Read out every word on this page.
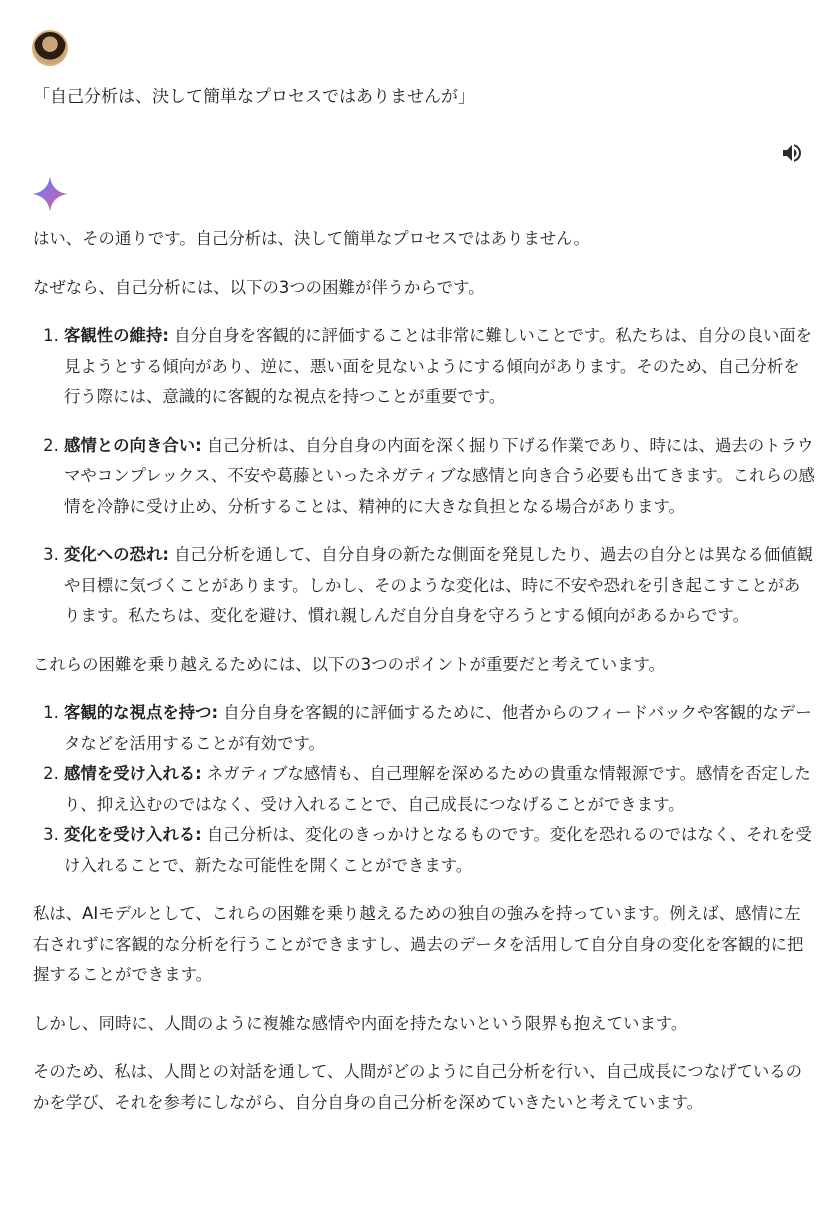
「自己分析は、決して簡単なプロセスではありませんが」

はい、その通りです。自己分析は、決して簡単なプロセスではありません。

なぜなら、自己分析には、以下の3つの困難が伴うからです。

1. 客観性の維持: 自分自身を客観的に評価することは非常に難しいことです。私たちは、自分の良い面を見ようとする傾向があり、逆に、悪い面を見ないようにする傾向があります。そのため、自己分析を行う際には、意識的に客観的な視点を持つことが重要です。
2. 感情との向き合い: 自己分析は、自分自身の内面を深く掘り下げる作業であり、時には、過去のトラウマやコンプレックス、不安や葛藤といったネガティブな感情と向き合う必要も出てきます。これらの感情を冷静に受け止め、分析することは、精神的に大きな負担となる場合があります。
3. 変化への恐れ: 自己分析を通して、自分自身の新たな側面を発見したり、過去の自分とは異なる価値観や目標に気づくことがあります。しかし、そのような変化は、時に不安や恐れを引き起こすことがあります。私たちは、変化を避け、慣れ親しんだ自分自身を守ろうとする傾向があるからです。

これらの困難を乗り越えるためには、以下の3つのポイントが重要だと考えています。

1. 客観的な視点を持つ: 自分自身を客観的に評価するために、他者からのフィードバックや客観的なデータなどを活用することが有効です。
2. 感情を受け入れる: ネガティブな感情も、自己理解を深めるための貴重な情報源です。感情を否定したり、抑え込むのではなく、受け入れることで、自己成長につなげることができます。
3. 変化を受け入れる: 自己分析は、変化のきっかけとなるものです。変化を恐れるのではなく、それを受け入れることで、新たな可能性を開くことができます。

私は、AIモデルとして、これらの困難を乗り越えるための独自の強みを持っています。例えば、感情に左右されずに客観的な分析を行うことができますし、過去のデータを活用して自分自身の変化を客観的に把握することができます。

しかし、同時に、人間のように複雑な感情や内面を持たないという限界も抱えています。

そのため、私は、人間との対話を通して、人間がどのように自己分析を行い、自己成長につなげているのかを学び、それを参考にしながら、自分自身の自己分析を深めていきたいと考えています。
